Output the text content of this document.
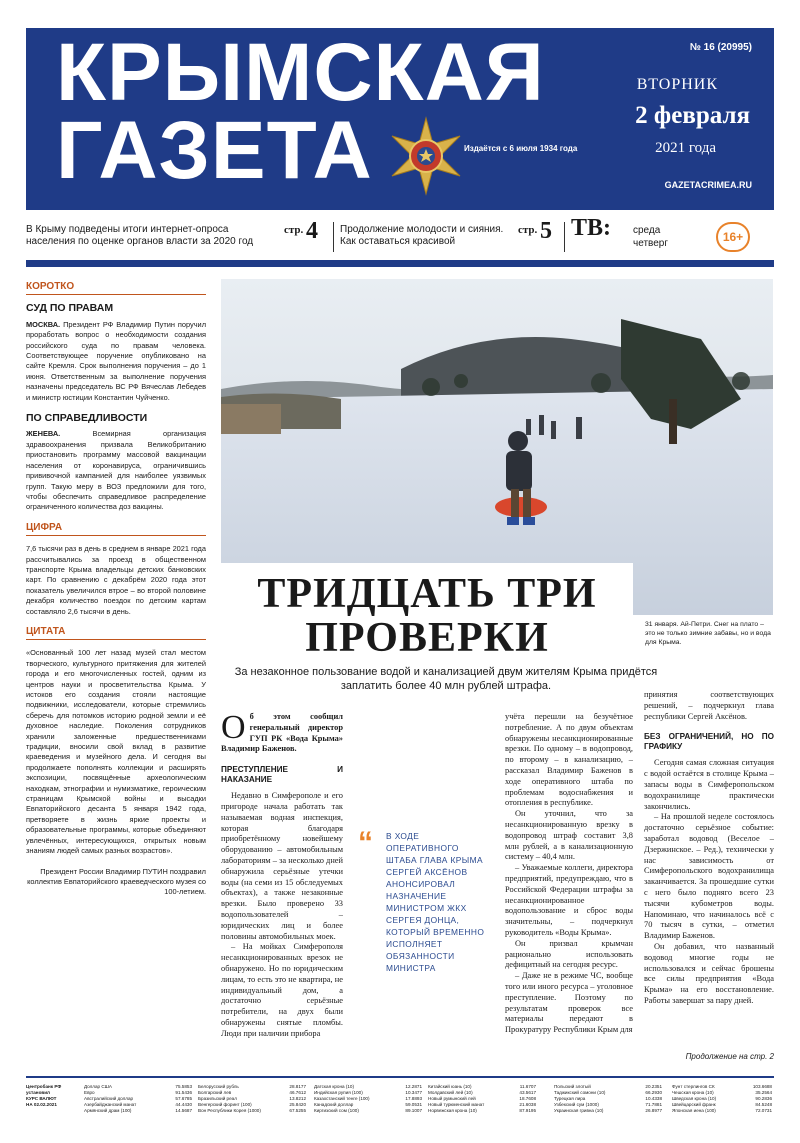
КРЫМСКАЯ
ГАЗЕТА	Издаётся с 6 июля 1934 года
№ 16 (20995)
ВТОРНИК
2 февраля
2021 года
GAZETACRIMEA.RU
В Крыму подведены итоги интернет-опроса населения по оценке органов власти за 2020 год
стр. 4 Продолжение молодости и сияния. Как оставаться красивой
стр. 5 ТВ: среда
четверг	16+
КОРОТКО
СУД ПО ПРАВАМ
МОСКВА. Президент РФ Владимир Путин поручил проработать вопрос о необходимости создания российского суда по правам человека. Соответствующее поручение опубликовано на сайте Кремля. Срок выполнения поручения – до 1 июня. Ответственным за выполнение поручения назначены председатель ВС РФ Вячеслав Лебедев и министр юстиции Константин Чуйченко.
ПО СПРАВЕДЛИВОСТИ
ЖЕНЕВА.	Всемирная организация здравоохранения призвала Великобританию приостановить программу массовой вакцинации населения от коронавируса, ограничившись прививочной кампанией для наиболее уязвимых групп. Такую меру в ВОЗ предложили для того, чтобы обеспечить справедливое распределение ограниченного количества доз вакцины.
ЦИФРА
7,6 тысячи раз в день в среднем в январе 2021 года рассчитывались за проезд в общественном транспорте Крыма владельцы детских банковских карт. По сравнению с декабрём 2020 года этот показатель увеличился втрое – во второй половине декабря количество поездок по детским картам составляло 2,6 тысячи в день.
ЦИТАТА
«Основанный 100 лет назад музей стал местом творческого, культурного притяжения для жителей города и его многочисленных гостей, одним из центров науки и просветительства Крыма. У истоков его создания стояли настоящие подвижники, исследователи, которые стремились сберечь для потомков историю родной земли и её духовное наследие. Поколения сотрудников хранили заложенные предшественниками традиции, вносили свой вклад в развитие краеведения и музейного дела. И сегодня вы продолжаете пополнять коллекции и расширять экспозиции, посвящённые археологическим находкам, этнографии и нумизматике, героическим страницам Крымской войны и высадки Евпаторийского десанта 5 января 1942 года, претворяете в жизнь яркие проекты и образовательные программы, которые объединяют увлечённых, интересующихся, открытых новым знаниям людей самых разных возрастов».
Президент России Владимир ПУТИН поздравил коллектив Евпаторийского краеведческого музея со 100-летием.
31 января. Ай-Петри. Снег на плато – это не только зимние забавы, но и вода для Крыма.
ТРИДЦАТЬ ТРИ ПРОВЕРКИ
За незаконное пользование водой и канализацией двум жителям Крыма придётся заплатить более 40 млн рублей штрафа.
О б этом сообщил генеральный директор ГУП РК «Вода Крыма» Владимир Баженов.
ПРЕСТУПЛЕНИЕ И НАКАЗАНИЕ

Недавно в Симферополе и его пригороде начала работать так называемая водная инспекция, которая благодаря приобретённому новейшему оборудованию – автомобильным лабораториям – за несколько дней обнаружила серьёзные утечки воды (на семи из 15 обследуемых объектах), а также незаконные врезки. Было проверено 33 водопользователей – юридических лиц и более половины автомобильных моек.

– На мойках Симферополя несанкционированных врезок не обнаружено. Но по юридическим лицам, то есть это не квартира, не индивидуальный дом, а достаточно серьёзные потребители, на двух были обнаружены снятые пломбы. Люди при наличии прибора

“	В ХОДЕ ОПЕРАТИВНОГО ШТАБА ГЛАВА КРЫМА СЕРГЕЙ АКСЁНОВ АНОНСИРОВАЛ НАЗНАЧЕНИЕ МИНИСТРОМ ЖКХ СЕРГЕЯ ДОНЦА, КОТОРЫЙ ВРЕМЕННО ИСПОЛНЯЕТ ОБЯЗАННОСТИ МИНИСТРА

учёта перешли на безучётное потребление. А по двум объектам обнаружены несанкционированные врезки. По одному – в водопровод, по второму – в канализацию, – рассказал Владимир Баженов в ходе оперативного штаба по проблемам водоснабжения и отопления в республике.

Он уточнил, что за несанкционированную врезку в водопровод штраф составит 3,8 млн рублей, а в канализационную систему – 40,4 млн.

– Уважаемые коллеги, директора предприятий, предупреждаю, что в Российской Федерации штрафы за несанкционированное водопользование и сброс воды значительны, – подчеркнул руководитель «Воды Крыма».

Он призвал крымчан рационально использовать дефицитный на сегодня ресурс.

– Даже не в режиме ЧС, вообще того или иного ресурса – уголовное преступление. Поэтому по результатам проверок все материалы передают в Прокуратуру Республики Крым для

принятия соответствующих решений, – подчеркнул глава республики Сергей Аксёнов.

БЕЗ ОГРАНИЧЕНИЙ, НО ПО ГРАФИКУ

Сегодня самая сложная ситуация с водой остаётся в столице Крыма – запасы воды в Симферопольском водохранилище практически закончились.

– На прошлой неделе состоялось достаточно серьёзное событие: заработал водовод (Веселое – Дзержинское. – Ред.), технически у нас зависимость от Симферопольского водохранилища заканчивается. За прошедшие сутки с него было подняго всего 23 тысячи кубометров воды. Напоминаю, что начиналось всё с 70 тысяч в сутки, – отметил Владимир Баженов.

Он добавил, что названный водовод многие годы не использовался и сейчас брошены все силы предприятия «Вода Крыма» на его восстановление. Работы завершат за пару дней.

Продолжение на стр. 2
Центробанк РФ
установил
КУРС ВАЛЮТ
НА 02.02.2021
Доллар США	75.5853
Евро	91.5436
Австралийский доллар	57.6785
Азербайджанский манат	44.4430
Армянский драм (100)	14.5687
Белорусский рубль	28.8177
Болгарский лев	46.7612
Бразильский реал	13.8212
Венгерский форинт (100)	25.8420
Вон Республики Корея (1000)	67.5255
Датская крона (10)	12.2871
Индийская рупия (100)	10.3477
Казахстанский тенге (100)	17.8893
Канадский доллар	59.0531
Киргизский сом (100)	89.1007
Китайский юань (10)	11.6707
Молдавский лей (10)	43.5617
Новый румынский лей	18.7608
Новый туркменский манат	21.6038
Норвежская крона (10)	87.9195
Польский злотый	20.2351
Таджикский сомони (10)	66.2930
Турецкая лира	10.4338
Узбекский сум (1000)	71.7881
Украинская гривна (10)	26.8977
Фунт стерлингов СК	103.6688
Чешская крона (10)	35.2564
Шведская крона (10)	90.2836
Швейцарский франк	84.5248
Японская иена (100)	72.0731
